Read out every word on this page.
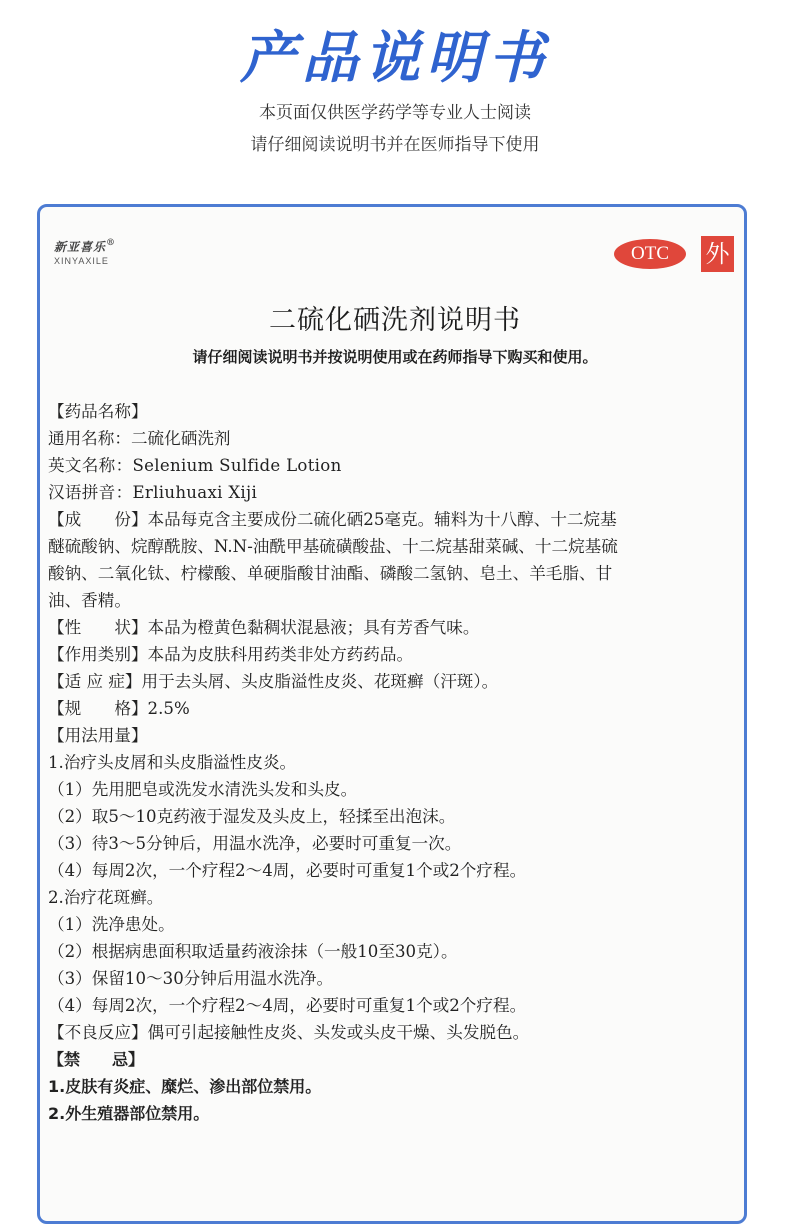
产品说明书
本页面仅供医学药学等专业人士阅读
请仔细阅读说明书并在医师指导下使用
新亚喜乐®
XINYAXILE	OTC	外
二硫化硒洗剂说明书
请仔细阅读说明书并按说明使用或在药师指导下购买和使用。
【药品名称】
通用名称：二硫化硒洗剂
英文名称：Selenium Sulfide Lotion
汉语拼音：Erliuhuaxi Xiji
【成　　份】本品每克含主要成份二硫化硒25毫克。辅料为十八醇、十二烷基
醚硫酸钠、烷醇酰胺、N.N-油酰甲基硫磺酸盐、十二烷基甜菜碱、十二烷基硫
酸钠、二氧化钛、柠檬酸、单硬脂酸甘油酯、磷酸二氢钠、皂土、羊毛脂、甘
油、香精。
【性　　状】本品为橙黄色黏稠状混悬液；具有芳香气味。
【作用类别】本品为皮肤科用药类非处方药药品。
【适 应 症】用于去头屑、头皮脂溢性皮炎、花斑癣（汗斑）。
【规　　格】2.5%
【用法用量】
1.治疗头皮屑和头皮脂溢性皮炎。
（1）先用肥皂或洗发水清洗头发和头皮。
（2）取5～10克药液于湿发及头皮上，轻揉至出泡沫。
（3）待3～5分钟后，用温水洗净，必要时可重复一次。
（4）每周2次，一个疗程2～4周，必要时可重复1个或2个疗程。
2.治疗花斑癣。
（1）洗净患处。
（2）根据病患面积取适量药液涂抹（一般10至30克）。
（3）保留10～30分钟后用温水洗净。
（4）每周2次，一个疗程2～4周，必要时可重复1个或2个疗程。
【不良反应】偶可引起接触性皮炎、头发或头皮干燥、头发脱色。
【禁　　忌】
1.皮肤有炎症、糜烂、渗出部位禁用。
2.外生殖器部位禁用。
